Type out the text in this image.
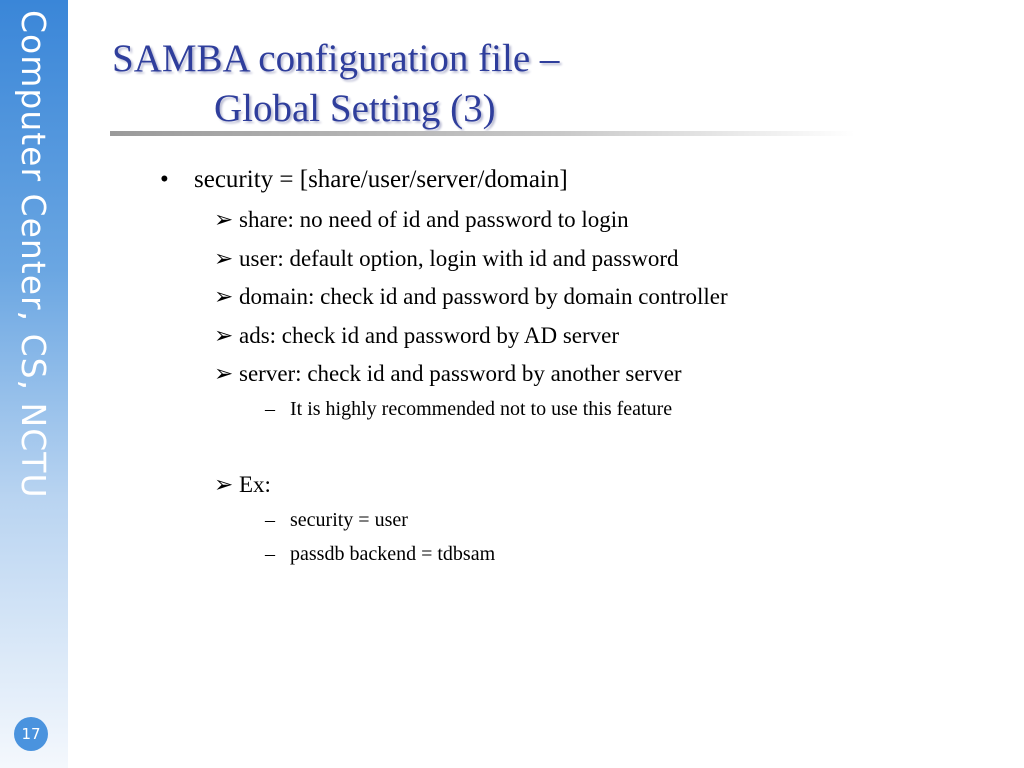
Computer Center, CS, NCTU
17
SAMBA configuration file –
Global Setting (3)
• security = [share/user/server/domain]
➢ share: no need of id and password to login
➢ user: default option, login with id and password
➢ domain: check id and password by domain controller
➢ ads: check id and password by AD server
➢ server: check id and password by another server
– It is highly recommended not to use this feature
➢ Ex:
– security = user
– passdb backend = tdbsam
